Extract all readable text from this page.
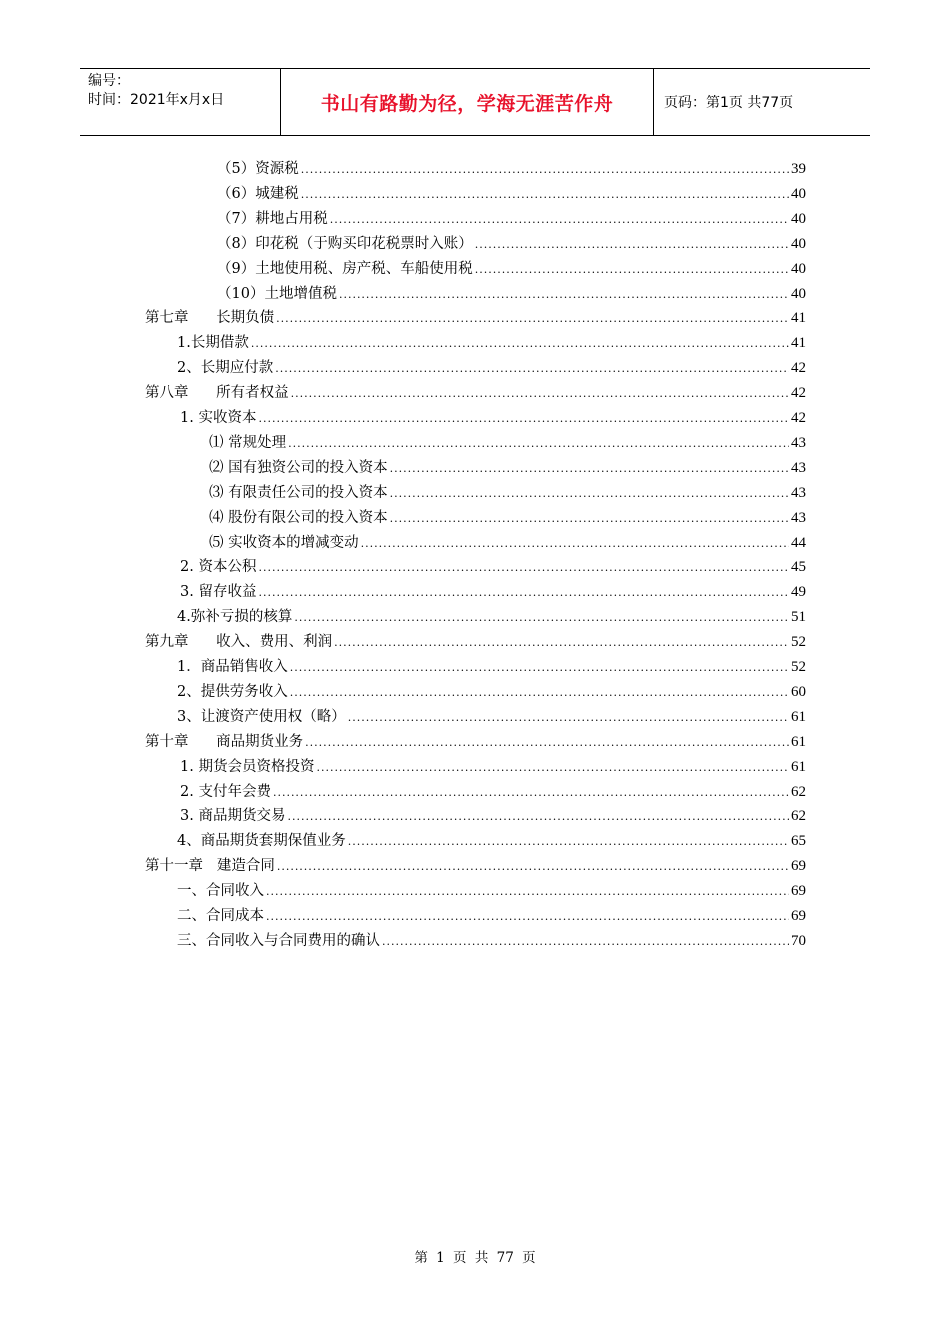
编号：
时间：2021年x月x日	书山有路勤为径，学海无涯苦作舟	页码：第1页 共77页
（5）资源税 .....	39
（6）城建税 .....	40
（7）耕地占用税 .....	40
（8）印花税（于购买印花税票时入账） .....	40
（9）土地使用税、房产税、车船使用税 .....	40
（10）土地增值税 .....	40
第七章      长期负债 .....	41
1.长期借款 .....	41
2、长期应付款 .....	42
第八章      所有者权益 .....	42
1. 实收资本 .....	42
⑴ 常规处理 .....	43
⑵ 国有独资公司的投入资本 .....	43
⑶ 有限责任公司的投入资本 .....	43
⑷ 股份有限公司的投入资本 .....	43
⑸ 实收资本的增减变动 .....	44
2. 资本公积 .....	45
3. 留存收益 .....	49
4.弥补亏损的核算 .....	51
第九章      收入、费用、利润 .....	52
1．商品销售收入 .....	52
2、提供劳务收入 .....	60
3、让渡资产使用权（略） .....	61
第十章      商品期货业务 .....	61
1. 期货会员资格投资 .....	61
2. 支付年会费 .....	62
3. 商品期货交易 .....	62
4、商品期货套期保值业务 .....	65
第十一章   建造合同 .....	69
一、合同收入 .....	69
二、合同成本 .....	69
三、合同收入与合同费用的确认 .....	70
第 1 页 共 77 页
